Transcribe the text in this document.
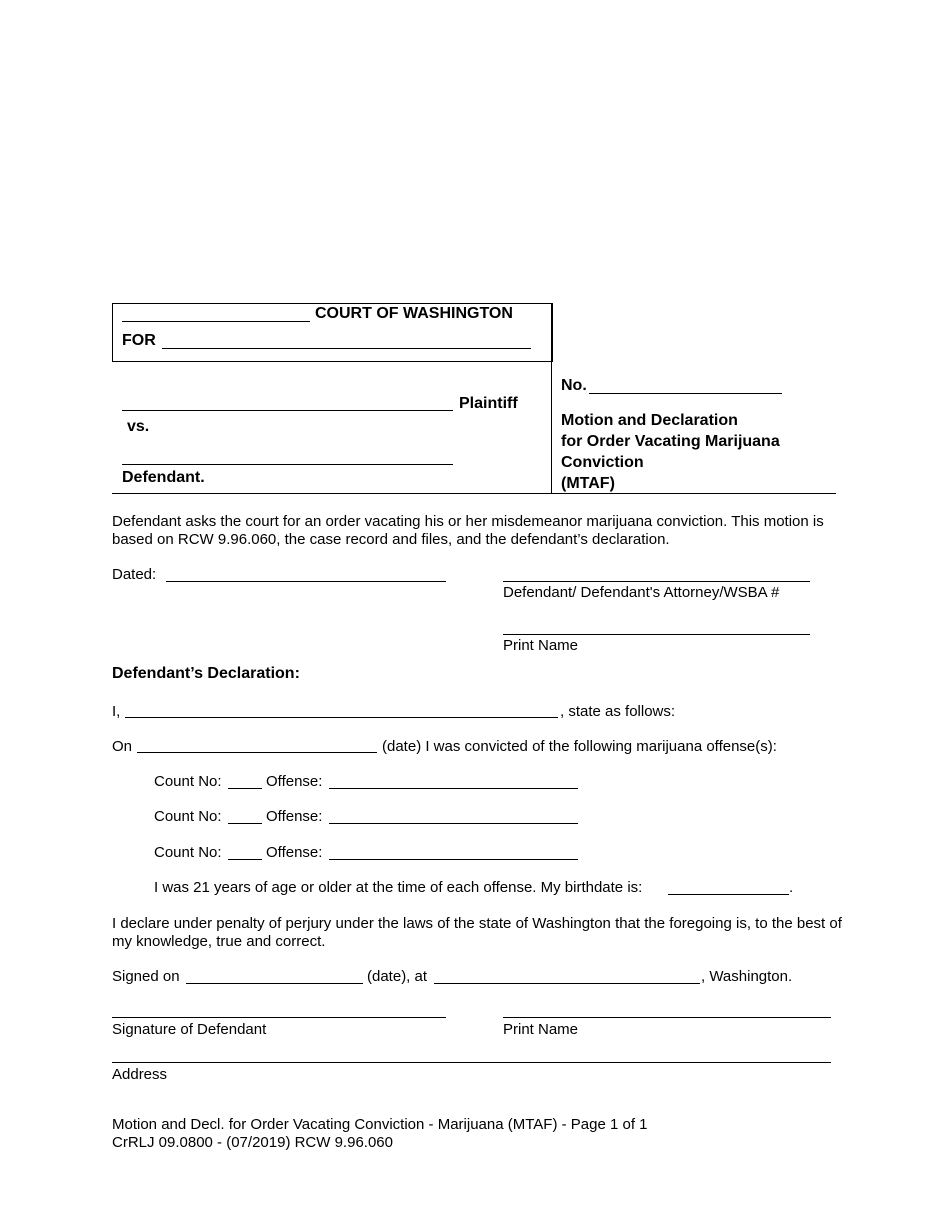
COURT OF WASHINGTON
FOR
Plaintiff
vs.
Defendant.
No.
Motion and Declaration
for Order Vacating Marijuana
Conviction
(MTAF)
Defendant asks the court for an order vacating his or her misdemeanor marijuana conviction. This motion is based on RCW 9.96.060, the case record and files, and the defendant’s declaration.
Dated:
Defendant/ Defendant's Attorney/WSBA #
Print Name
Defendant’s Declaration:
I,	, state as follows:
On	(date) I was convicted of the following marijuana offense(s):
Count No:	Offense:
Count No:	Offense:
Count No:	Offense:
I was 21 years of age or older at the time of each offense. My birthdate is:	.
I declare under penalty of perjury under the laws of the state of Washington that the foregoing is, to the best of my knowledge, true and correct.
Signed on	(date), at	, Washington.
Signature of Defendant	Print Name
Address
Motion and Decl. for Order Vacating Conviction - Marijuana (MTAF) - Page 1 of 1
CrRLJ 09.0800 - (07/2019) RCW 9.96.060
